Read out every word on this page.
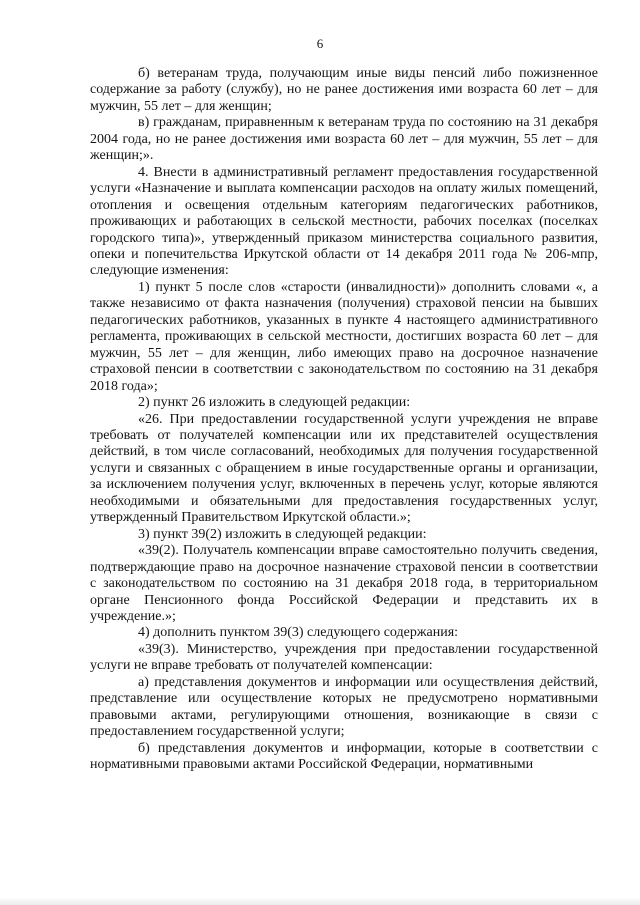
6

б) ветеранам труда, получающим иные виды пенсий либо пожизненное содержание за работу (службу), но не ранее достижения ими возраста 60 лет – для мужчин, 55 лет – для женщин;

в) гражданам, приравненным к ветеранам труда по состоянию на 31 декабря 2004 года, но не ранее достижения ими возраста 60 лет – для мужчин, 55 лет – для женщин;».

4. Внести в административный регламент предоставления государственной услуги «Назначение и выплата компенсации расходов на оплату жилых помещений, отопления и освещения отдельным категориям педагогических работников, проживающих и работающих в сельской местности, рабочих поселках (поселках городского типа)», утвержденный приказом министерства социального развития, опеки и попечительства Иркутской области от 14 декабря 2011 года № 206-мпр, следующие изменения:

1) пункт 5 после слов «старости (инвалидности)» дополнить словами «, а также независимо от факта назначения (получения) страховой пенсии на бывших педагогических работников, указанных в пункте 4 настоящего административного регламента, проживающих в сельской местности, достигших возраста 60 лет – для мужчин, 55 лет – для женщин, либо имеющих право на досрочное назначение страховой пенсии в соответствии с законодательством по состоянию на 31 декабря 2018 года»;

2) пункт 26 изложить в следующей редакции:

«26. При предоставлении государственной услуги учреждения не вправе требовать от получателей компенсации или их представителей осуществления действий, в том числе согласований, необходимых для получения государственной услуги и связанных с обращением в иные государственные органы и организации, за исключением получения услуг, включенных в перечень услуг, которые являются необходимыми и обязательными для предоставления государственных услуг, утвержденный Правительством Иркутской области.»;

3) пункт 39(2) изложить в следующей редакции:

«39(2). Получатель компенсации вправе самостоятельно получить сведения, подтверждающие право на досрочное назначение страховой пенсии в соответствии с законодательством по состоянию на 31 декабря 2018 года, в территориальном органе Пенсионного фонда Российской Федерации и представить их в учреждение.»;

4) дополнить пунктом 39(3) следующего содержания:

«39(3). Министерство, учреждения при предоставлении государственной услуги не вправе требовать от получателей компенсации:

а) представления документов и информации или осуществления действий, представление или осуществление которых не предусмотрено нормативными правовыми актами, регулирующими отношения, возникающие в связи с предоставлением государственной услуги;

б) представления документов и информации, которые в соответствии с нормативными правовыми актами Российской Федерации, нормативными
